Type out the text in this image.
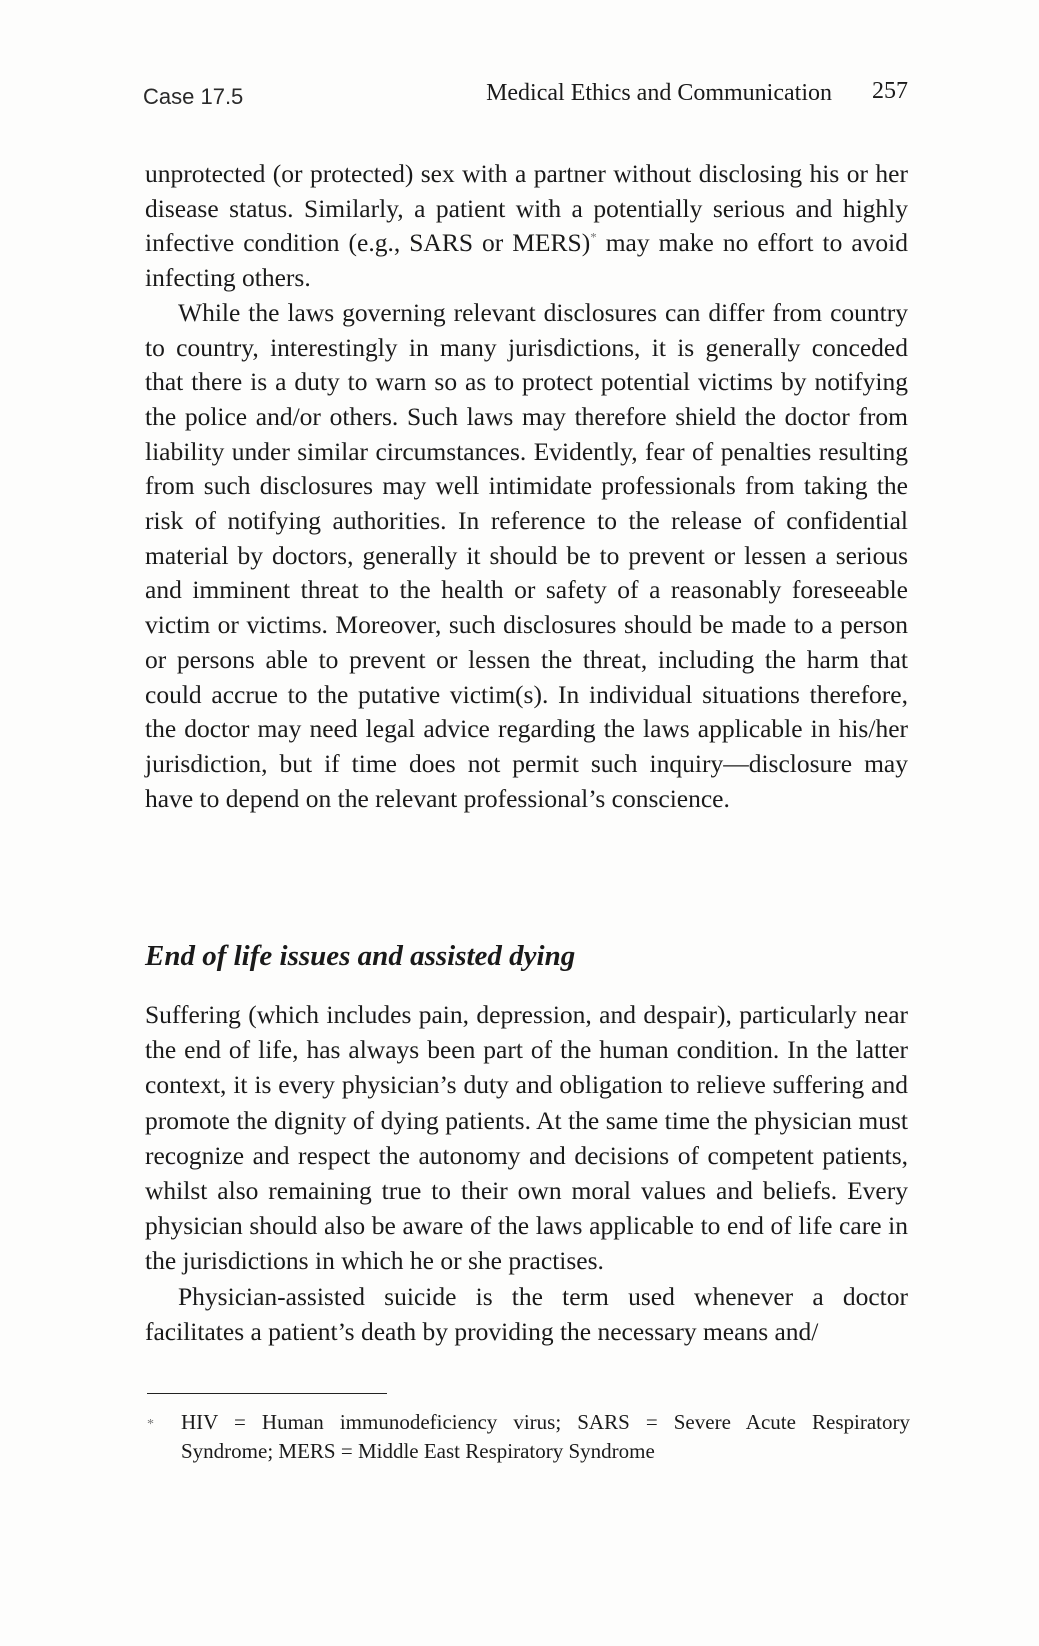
Case 17.5	Medical Ethics and Communication 257

unprotected (or protected) sex with a partner without disclosing his or her disease status. Similarly, a patient with a potentially serious and highly infective condition (e.g., SARS or MERS)* may make no effort to avoid infecting others.

While the laws governing relevant disclosures can differ from country to country, interestingly in many jurisdictions, it is generally conceded that there is a duty to warn so as to protect potential victims by notifying the police and/or others. Such laws may therefore shield the doctor from liability under similar circumstances. Evidently, fear of penalties resulting from such disclosures may well intimidate professionals from taking the risk of notifying authorities. In reference to the release of confidential material by doctors, generally it should be to prevent or lessen a serious and imminent threat to the health or safety of a reasonably foreseeable victim or victims. Moreover, such disclosures should be made to a person or persons able to prevent or lessen the threat, including the harm that could accrue to the putative victim(s). In individual situations therefore, the doctor may need legal advice regarding the laws applicable in his/her jurisdiction, but if time does not permit such inquiry—disclosure may have to depend on the relevant professional’s conscience.

End of life issues and assisted dying

Suffering (which includes pain, depression, and despair), particularly near the end of life, has always been part of the human condition. In the latter context, it is every physician’s duty and obligation to relieve suffering and promote the dignity of dying patients. At the same time the physician must recognize and respect the autonomy and decisions of competent patients, whilst also remaining true to their own moral values and beliefs. Every physician should also be aware of the laws applicable to end of life care in the jurisdictions in which he or she practises.

Physician-assisted suicide is the term used whenever a doctor facilitates a patient’s death by providing the necessary means and/

* HIV = Human immunodeficiency virus; SARS = Severe Acute Respiratory Syndrome; MERS = Middle East Respiratory Syndrome
